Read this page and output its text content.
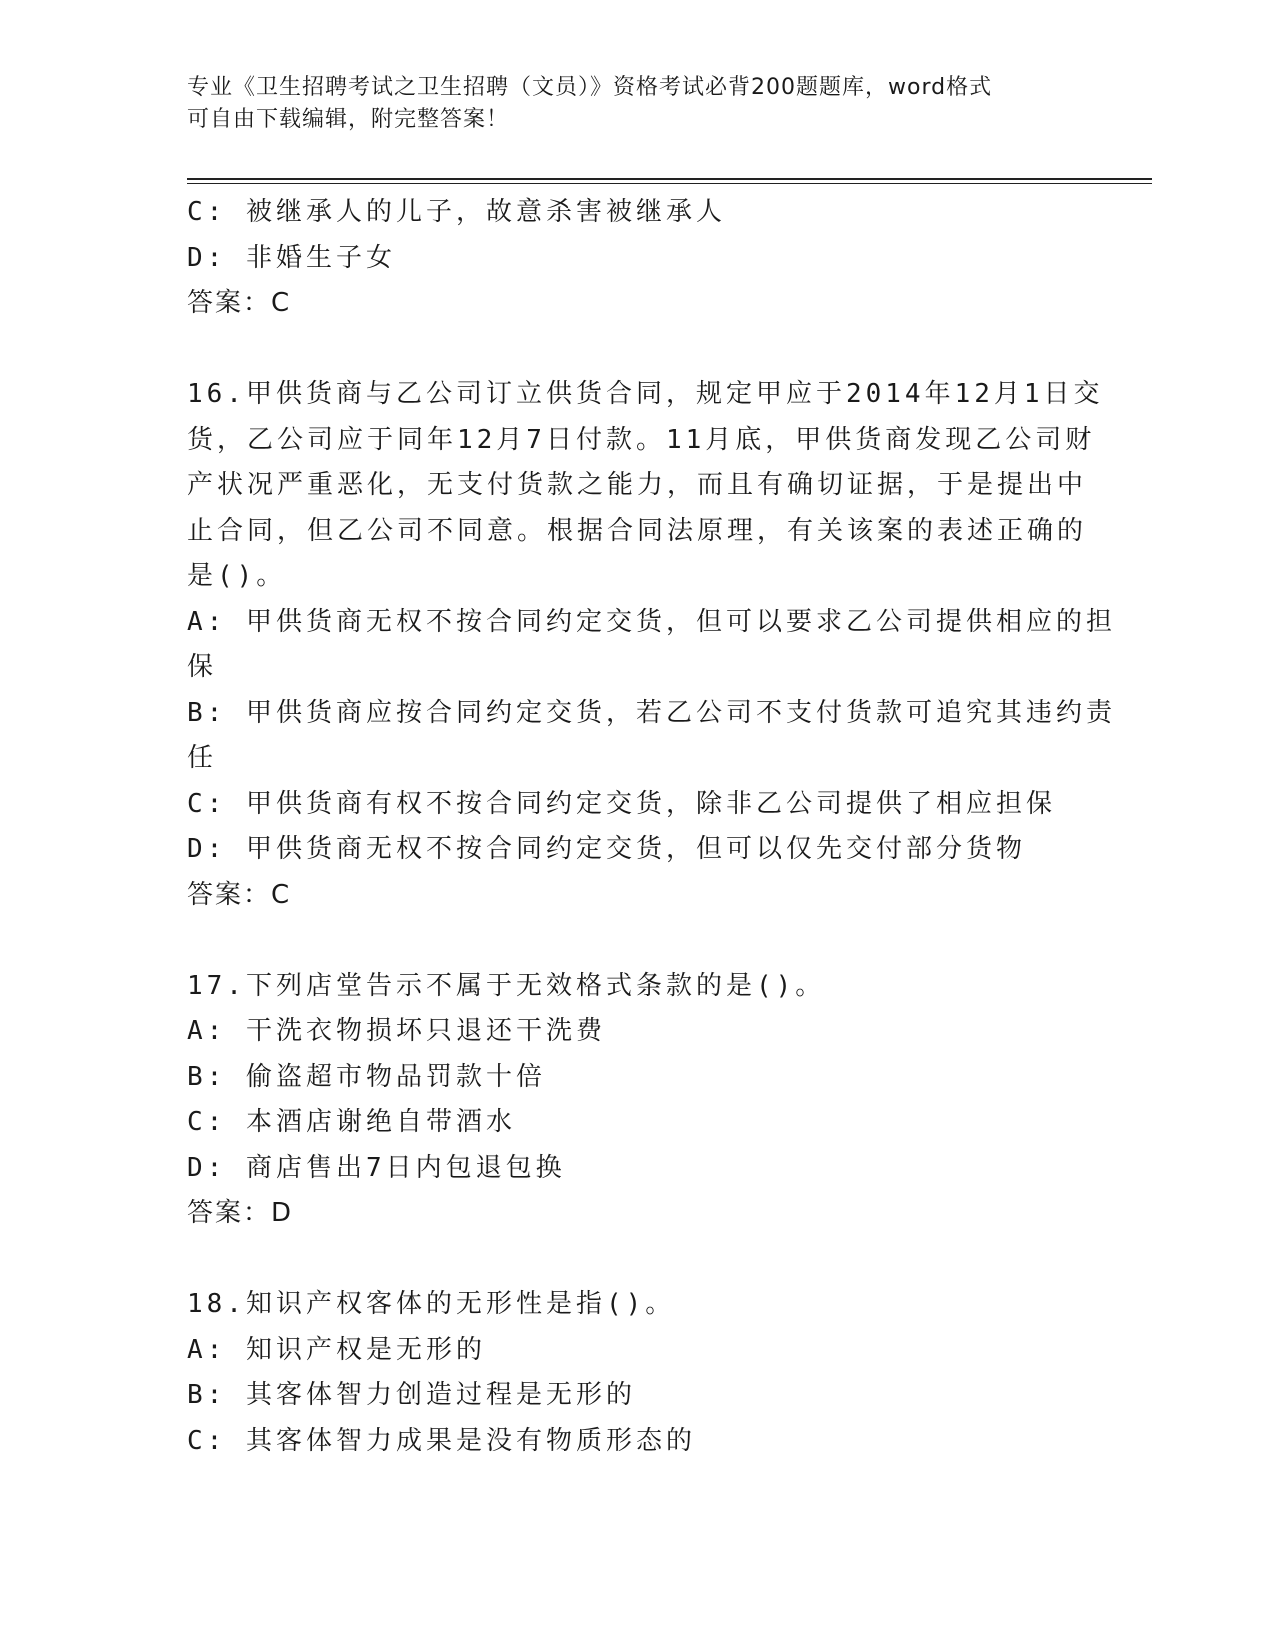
专业《卫生招聘考试之卫生招聘（文员）》资格考试必背200题题库，word格式
可自由下载编辑，附完整答案！
C: 被继承人的儿子，故意杀害被继承人
D: 非婚生子女
答案：C
16.甲供货商与乙公司订立供货合同，规定甲应于2014年12月1日交
货，乙公司应于同年12月7日付款。11月底，甲供货商发现乙公司财
产状况严重恶化，无支付货款之能力，而且有确切证据，于是提出中
止合同，但乙公司不同意。根据合同法原理，有关该案的表述正确的
是()。
A: 甲供货商无权不按合同约定交货，但可以要求乙公司提供相应的担
保
B: 甲供货商应按合同约定交货，若乙公司不支付货款可追究其违约责
任
C: 甲供货商有权不按合同约定交货，除非乙公司提供了相应担保
D: 甲供货商无权不按合同约定交货，但可以仅先交付部分货物
答案：C
17.下列店堂告示不属于无效格式条款的是()。
A: 干洗衣物损坏只退还干洗费
B: 偷盗超市物品罚款十倍
C: 本酒店谢绝自带酒水
D: 商店售出7日内包退包换
答案：D
18.知识产权客体的无形性是指()。
A: 知识产权是无形的
B: 其客体智力创造过程是无形的
C: 其客体智力成果是没有物质形态的
